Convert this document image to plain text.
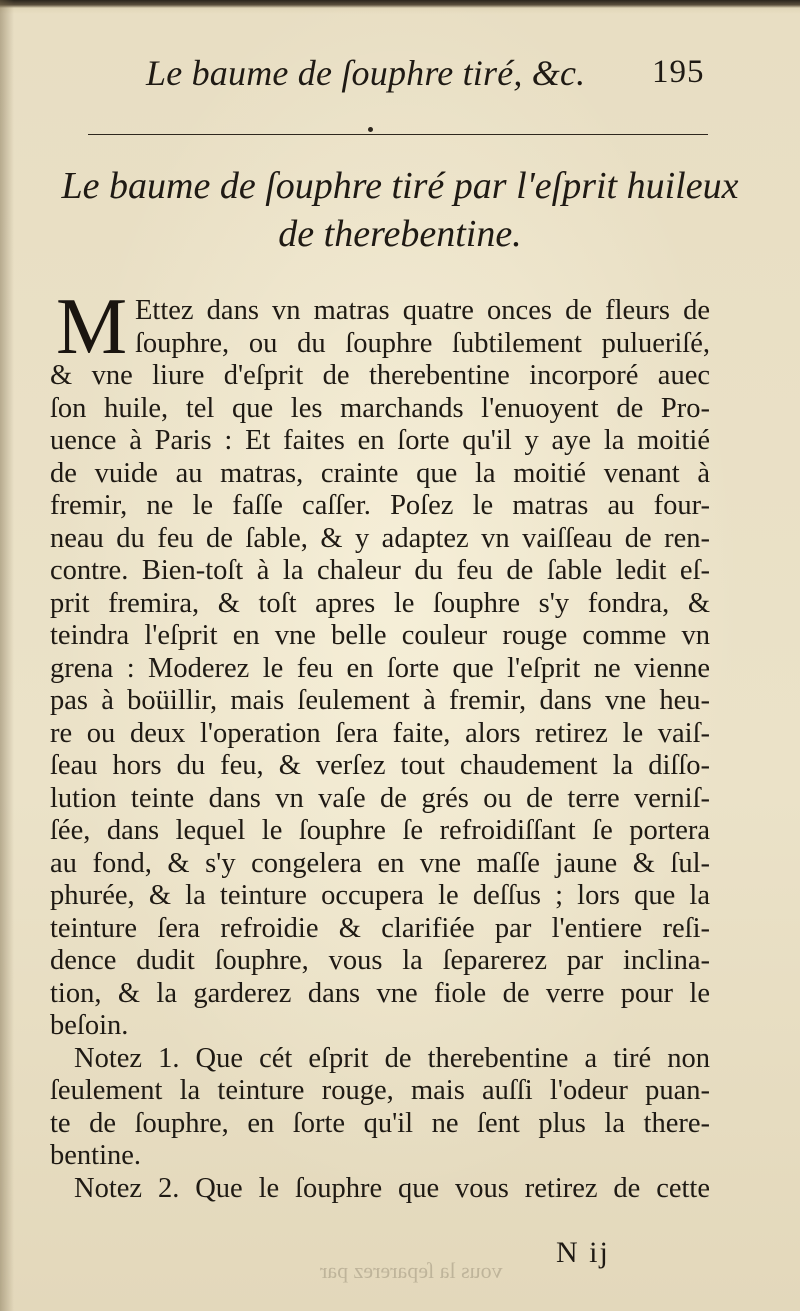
Le baume de ſouphre tiré, &c. 195
Le baume de ſouphre tiré par l'eſprit huileux
de therebentine.
M Ettez dans vn matras quatre onces de fleurs de
ſouphre, ou du ſouphre ſubtilement pulueriſé,
& vne liure d'eſprit de therebentine incorporé auec
ſon huile, tel que les marchands l'enuoyent de Pro-
uence à Paris : Et faites en ſorte qu'il y aye la moitié
de vuide au matras, crainte que la moitié venant à
fremir, ne le faſſe caſſer. Poſez le matras au four-
neau du feu de ſable, & y adaptez vn vaiſſeau de ren-
contre. Bien-toſt à la chaleur du feu de ſable ledit eſ-
prit fremira, & toſt apres le ſouphre s'y fondra, &
teindra l'eſprit en vne belle couleur rouge comme vn
grena : Moderez le feu en ſorte que l'eſprit ne vienne
pas à boüillir, mais ſeulement à fremir, dans vne heu-
re ou deux l'operation ſera faite, alors retirez le vaiſ-
ſeau hors du feu, & verſez tout chaudement la diſſo-
lution teinte dans vn vaſe de grés ou de terre verniſ-
ſée, dans lequel le ſouphre ſe refroidiſſant ſe portera
au fond, & s'y congelera en vne maſſe jaune & ſul-
phurée, & la teinture occupera le deſſus ; lors que la
teinture ſera refroidie & clarifiée par l'entiere reſi-
dence dudit ſouphre, vous la ſeparerez par inclina-
tion, & la garderez dans vne fiole de verre pour le
beſoin.
Notez 1. Que cét eſprit de therebentine a tiré non
ſeulement la teinture rouge, mais auſſi l'odeur puan-
te de ſouphre, en ſorte qu'il ne ſent plus la there-
bentine.
Notez 2. Que le ſouphre que vous retirez de cette
vous la ſeparerez par
N ij
